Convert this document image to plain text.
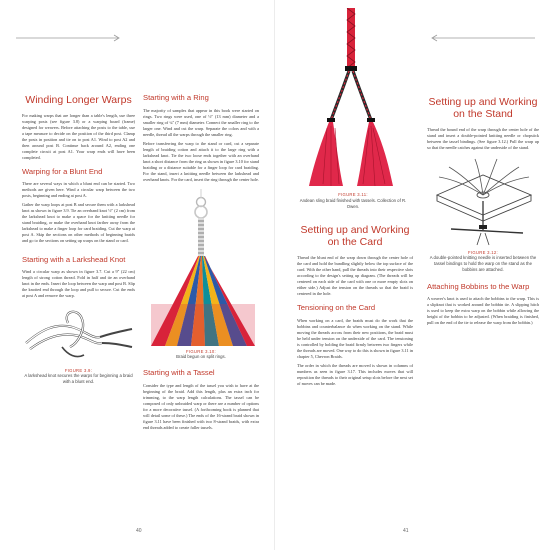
Winding Longer Warps

For making warps that are longer than a table's length, use three warping posts (see figure 3.8) or a warping board (frame) designed for weavers. Before attaching the posts to the table, use a tape measure to decide on the position of the third post. Clamp the posts in position and tie on to post A1. Wind to post A2 and then around post B. Continue back around A2, ending one complete circuit at post A1. Your warp ends will have been completed.

Warping for a Blunt End

There are several ways in which a blunt end can be started. Two methods are given here. Wind a circular warp between the two posts, beginning and ending at post A.

Gather the warp loops at post B and secure them with a larkshead knot as shown in figure 3.9. Tie an overhand knot ½" (2 cm) from the larkshead knot to make a space for the knitting needle for stand braiding, or make the overhand knot farther away from the larkshead to make a finger loop for card braiding. Cut the warp at post A. Skip the sections on other methods of beginning braids and go to the sections on setting up warps on the stand or card.

Starting with a Larkshead Knot

Wind a circular warp as shown in figure 3.7. Cut a 9" (22 cm) length of strong cotton thread. Fold in half and tie an overhand knot in the ends. Insert the loop between the warp and post B. Slip the knotted end through the loop and pull to secure. Cut the ends at post A and remove the warp.

FIGURE 3.9:
A larkshead knot secures the warps for beginning a braid with a blunt end.
Starting with a Ring

The majority of samples that appear in this book were started on rings. Two rings were used, one of ½" (13 mm) diameter and a smaller ring of ¼" (7 mm) diameter. Connect the smaller ring to the larger one. Wind and cut the warp. Separate the colors and with a needle, thread all the warps through the smaller ring.

Before transferring the warp to the stand or card, cut a separate length of braiding cotton and attach it to the large ring with a larkshead knot. Tie the two loose ends together with an overhand knot a short distance from the ring as shown in figure 3.10 for stand braiding or a distance suitable for a finger loop for card braiding. For the stand, insert a knitting needle between the larkshead and overhand knots. For the card, insert the ring through the center hole.

FIGURE 3.10:
Braid begun on split rings.
Starting with a Tassel

Consider the type and length of the tassel you wish to have at the beginning of the braid. Add this length, plus an extra inch for trimming, to the warp length calculations. The tassel can be composed of only unbraided warp or there are a number of options for a more decorative tassel. (A forthcoming book is planned that will detail some of these.) The ends of the 16-strand braid shown in figure 3.11 have been finished with two 8-strand braids, with extra end threads added to create fuller tassels.

40
FIGURE 3.11:
Andean sling braid finished with tassels. Collection of R. Owen.
Setting up and Working on the Stand

Thread the bound end of the warp through the center hole of the stand and insert a double-pointed knitting needle or chopstick between the tassel bindings. (See figure 3.12.) Pull the warp up so that the needle catches against the underside of the stand.

FIGURE 3.12:
A double-pointed knitting needle is inserted between the tassel bindings to hold the warp on the stand as the bobbins are attached.
Attaching Bobbins to the Warp

A weaver's knot is used to attach the bobbins to the warp. This is a slipknot that is worked around the bobbin tie. A slipping hitch is used to keep the extra warp on the bobbin while allowing the height of the bobbin to be adjusted. (When braiding is finished, pull on the end of the tie to release the warp from the bobbin.)

Setting up and Working on the Card

Thread the blunt end of the warp down through the center hole of the card and hold the bundling slightly below the top surface of the card. With the other hand, pull the threads into their respective slots according to the design's setting up diagram. (The threads will be centered on each side of the card with one or more empty slots on either side.) Adjust the tension on the threads so that the braid is centered in the hole.

Tensioning on the Card

When working on a card, the braids must do the work that the bobbins and counterbalance do when working on the stand. While moving the threads across from their new positions, the braid must be held under tension on the underside of the card. The tensioning is controlled by holding the braid firmly between two fingers while the threads are moved. One way to do this is shown in figure 3.11 in chapter 5, Chevron Braids.

The order in which the threads are moved is shown in columns of numbers as seen in figure 3.17. This includes moves that will reposition the threads to their original setup slots before the next set of moves can be made.

41
